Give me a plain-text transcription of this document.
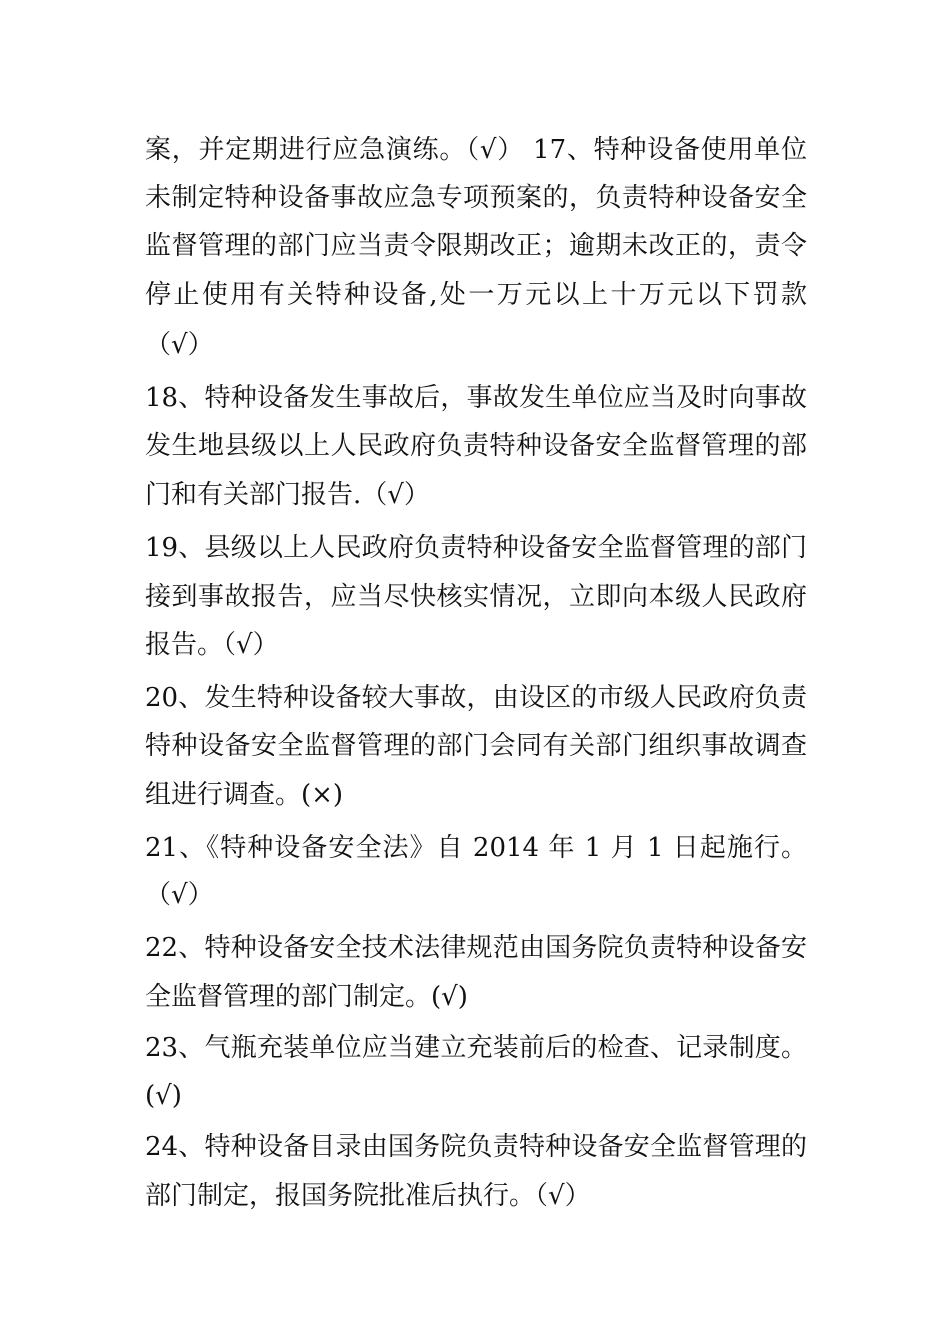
案，并定期进行应急演练。（√） 17、特种设备使用单位
未制定特种设备事故应急专项预案的，负责特种设备安全
监督管理的部门应当责令限期改正；逾期未改正的，责令
停止使用有关特种设备,处一万元以上十万元以下罚款
（√）
18、特种设备发生事故后，事故发生单位应当及时向事故
发生地县级以上人民政府负责特种设备安全监督管理的部
门和有关部门报告.（√）
19、县级以上人民政府负责特种设备安全监督管理的部门
接到事故报告，应当尽快核实情况，立即向本级人民政府
报告。（√）
20、发生特种设备较大事故，由设区的市级人民政府负责
特种设备安全监督管理的部门会同有关部门组织事故调查
组进行调查。(×)
21、《特种设备安全法》自 2014 年 1 月 1 日起施行。
（√）
22、特种设备安全技术法律规范由国务院负责特种设备安
全监督管理的部门制定。(√)
23、气瓶充装单位应当建立充装前后的检查、记录制度。
(√)
24、特种设备目录由国务院负责特种设备安全监督管理的
部门制定，报国务院批准后执行。（√）
